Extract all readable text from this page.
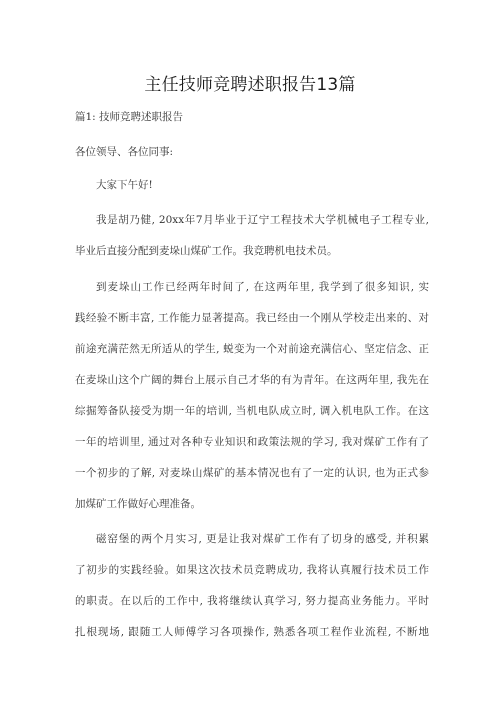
主任技师竞聘述职报告13篇
篇1: 技师竞聘述职报告
各位领导、各位同事:
大家下午好!
我是胡乃健, 20xx年7月毕业于辽宁工程技术大学机械电子工程专业,
毕业后直接分配到麦垛山煤矿工作。我竞聘机电技术员。
到麦垛山工作已经两年时间了, 在这两年里, 我学到了很多知识, 实
践经验不断丰富, 工作能力显著提高。我已经由一个刚从学校走出来的、对
前途充满茫然无所适从的学生, 蜕变为一个对前途充满信心、坚定信念、正
在麦垛山这个广阔的舞台上展示自己才华的有为青年。在这两年里, 我先在
综掘筹备队接受为期一年的培训, 当机电队成立时, 调入机电队工作。在这
一年的培训里, 通过对各种专业知识和政策法规的学习, 我对煤矿工作有了
一个初步的了解, 对麦垛山煤矿的基本情况也有了一定的认识, 也为正式参
加煤矿工作做好心理准备。
磁窑堡的两个月实习, 更是让我对煤矿工作有了切身的感受, 并积累
了初步的实践经验。如果这次技术员竞聘成功, 我将认真履行技术员工作
的职责。在以后的工作中, 我将继续认真学习, 努力提高业务能力。平时
扎根现场, 跟随工人师傅学习各项操作, 熟悉各项工程作业流程, 不断地
